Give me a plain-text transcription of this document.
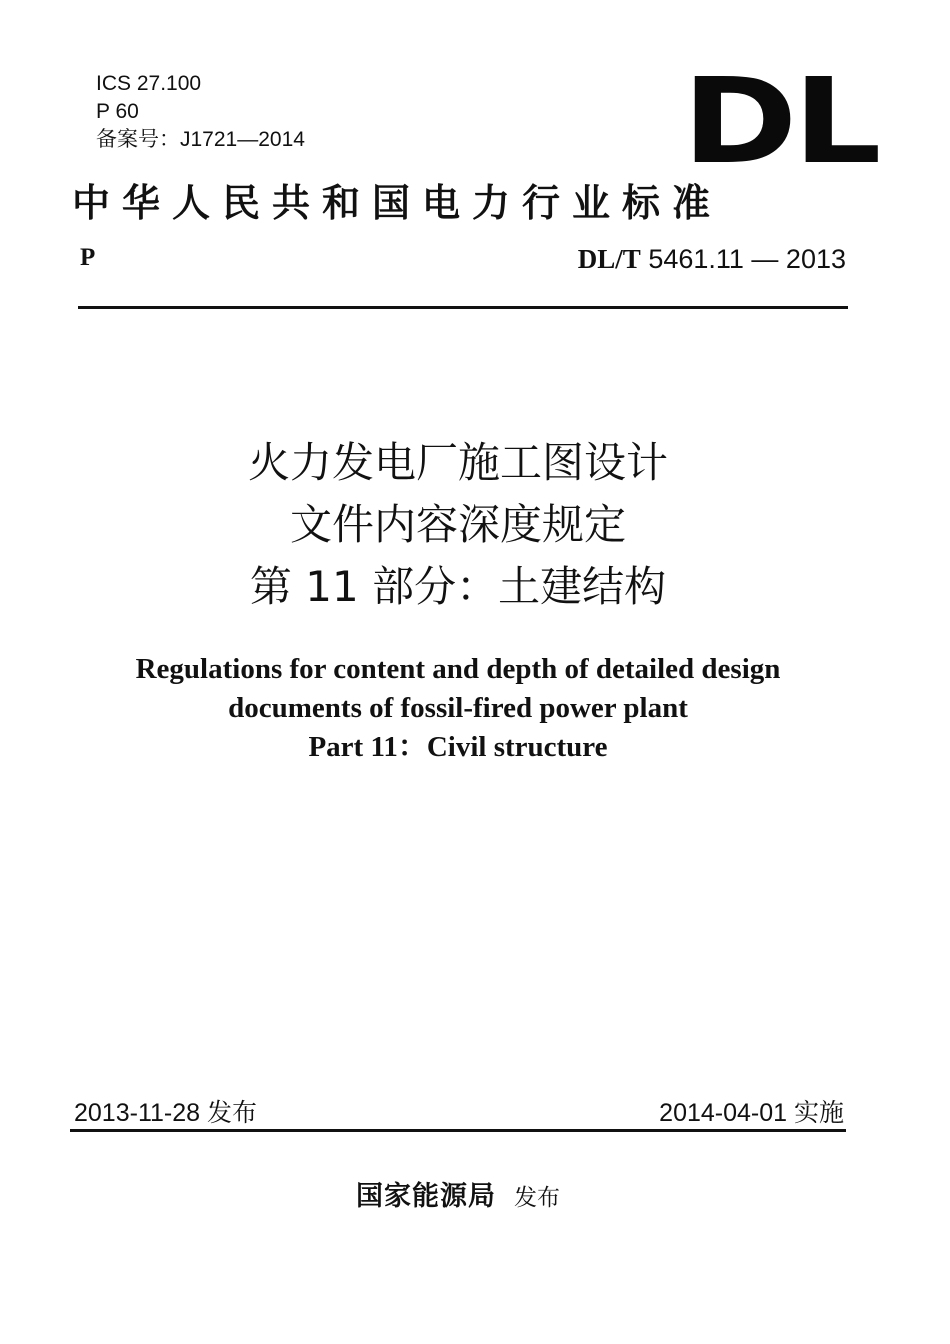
ICS 27.100
P 60
备案号：J1721—2014	DL
中华人民共和国电力行业标准
P	DL/T 5461.11 — 2013
火力发电厂施工图设计
文件内容深度规定
第 11 部分：土建结构
Regulations for content and depth of detailed design
documents of fossil-fired power plant
Part 11：Civil structure
2013-11-28 发布	2014-04-01 实施
国家能源局 发布
